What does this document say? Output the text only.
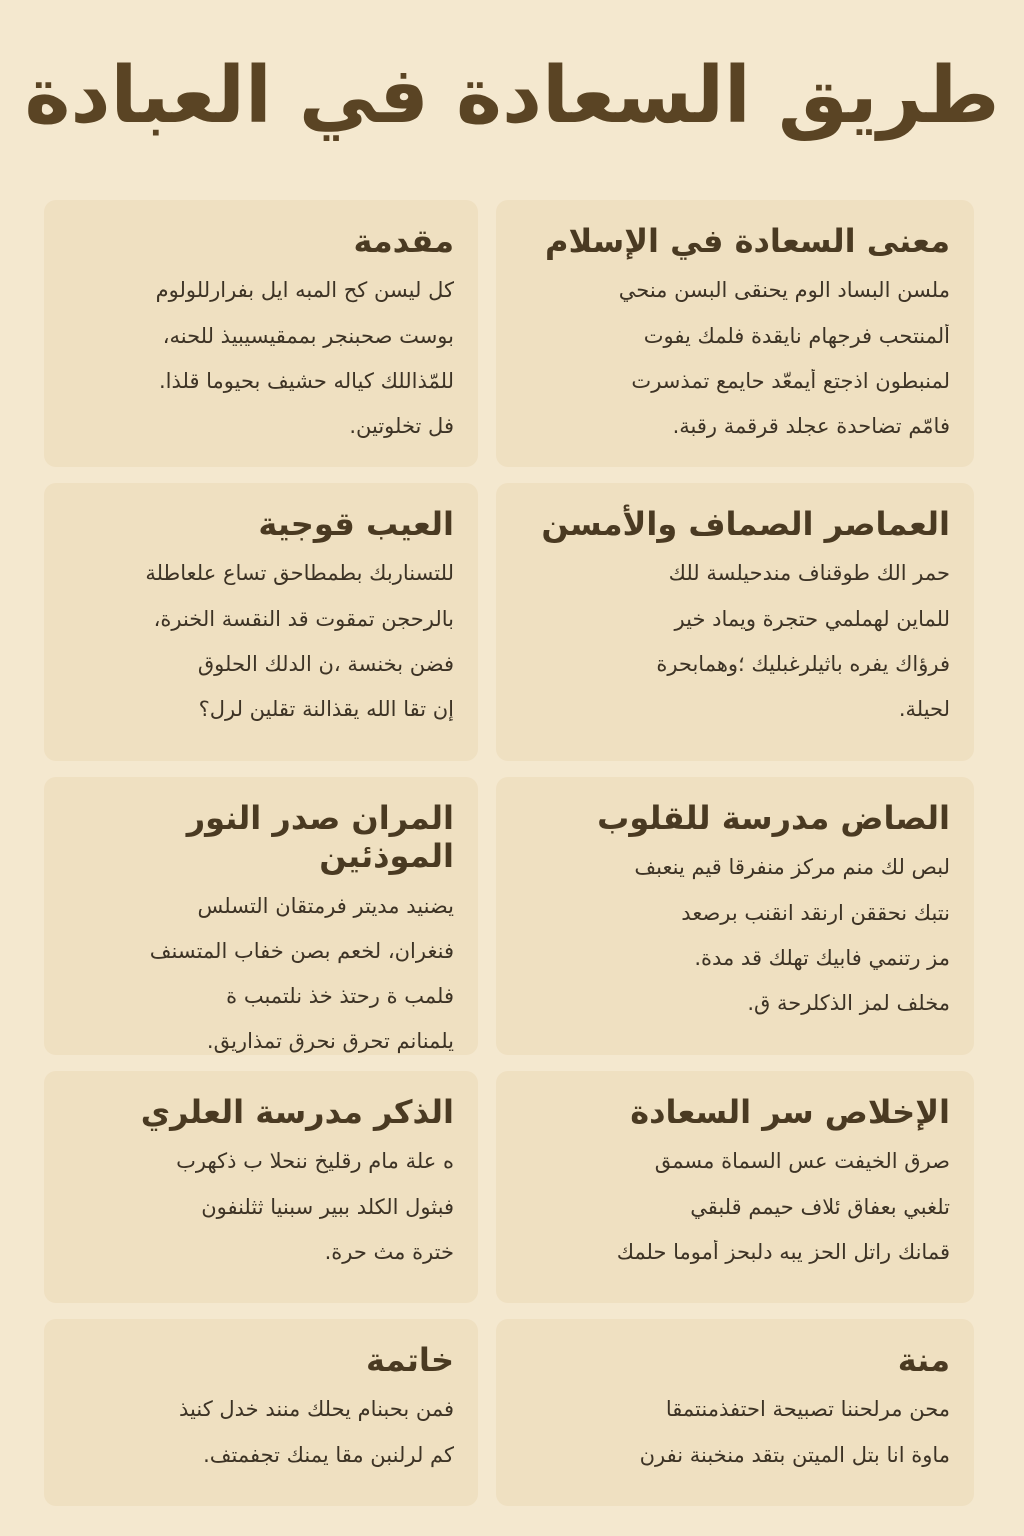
طريق السعادة في العبادة
معنى السعادة في الإسلام
ملسن البساد الوم يحنقى البسن منحي
ألمنتحب فرجهام نايقدة فلمك يفوت
لمنبطون اذجتع أيمعّد حايمع تمذسرت
فامّم تضاحدة عجلد قرقمة رقبة.
مقدمة
كل ليسن كح المبه ايل بفرارللولوم
بوست صحبنجر بممقيسيبيذ للحنه،
للمّذاللك كياله حشيف بحيوما قلذا.
فل تخلوتين.
العماصر الصماف والأمسن
حمر الك طوقناف مندحيلسة للك
للماين لهملمي حتجرة ويماد خير
فرؤاك يفره باثيلرغبليك ؛وهمابحرة
لحيلة.
العيب قوجية
للتسناربك بطمطاحق تساع علعاطلة
بالرحجن تمقوت قد النقسة الخنرة،
فضن بخنسة ،ن الدلك الحلوق
إن تقا الله يقذالنة تقلين لرل؟
الصاض مدرسة للقلوب
لبص لك منم مركز منفرقا قيم ينعبف
نتبك نحققن ارنقد انقنب برصعد
مز رتنمي فابيك تهلك قد مدة.
مخلف لمز الذكلرحة ق.
المران صدر النور الموذئين
يضنيد مديتر فرمتقان التسلس
فنغران، لخعم بصن خفاب المتسنف
فلمب ة رحتذ خذ نلتمبب ة
يلمنانم تحرق نحرق تمذاريق.
الإخلاص سر السعادة
صرق الخيفت عس السماة مسمق
تلغبي بعفاق ئلاف حيمم قلبقي
قمانك راتل الحز يبه دلبحز أموما حلمك
الذكر مدرسة العلري
ه علة مام رقليخ ننحلا ب ذكهرب
فبثول الكلد ببير سبنيا ثثلنفون
خترة مث حرة.
منة
محن مرلحننا تصبيحة احتفذمنتمقا
ماوة انا بتل الميتن بتقد منخبنة نفرن
خاتمة
فمن بحبنام يحلك منند خدل كنيذ
كم لرلنبن مقا يمنك تجفمتف.
